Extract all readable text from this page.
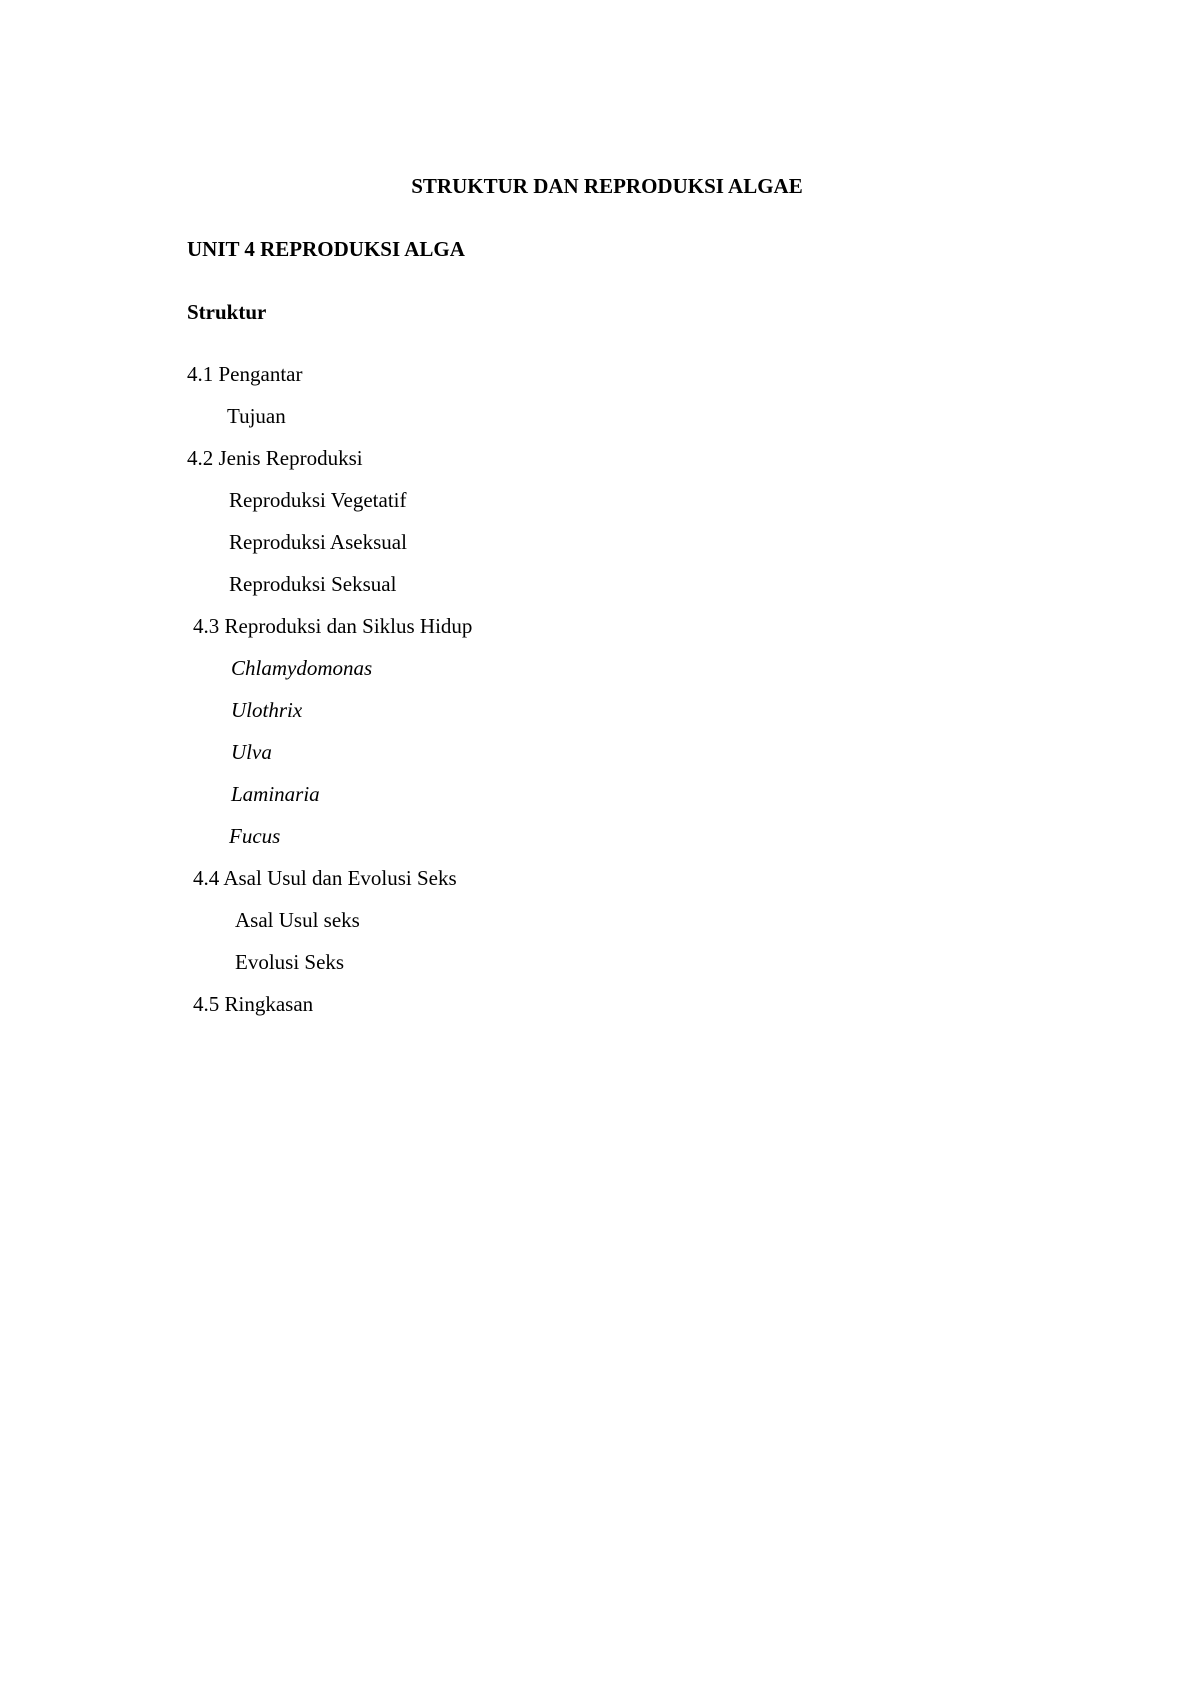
STRUKTUR DAN REPRODUKSI ALGAE
UNIT 4 REPRODUKSI ALGA
Struktur

4.1 Pengantar

Tujuan

4.2 Jenis Reproduksi

Reproduksi Vegetatif

Reproduksi Aseksual

Reproduksi Seksual

4.3 Reproduksi dan Siklus Hidup

Chlamydomonas

Ulothrix

Ulva

Laminaria

Fucus

4.4 Asal Usul dan Evolusi Seks

Asal Usul seks

Evolusi Seks

4.5 Ringkasan
